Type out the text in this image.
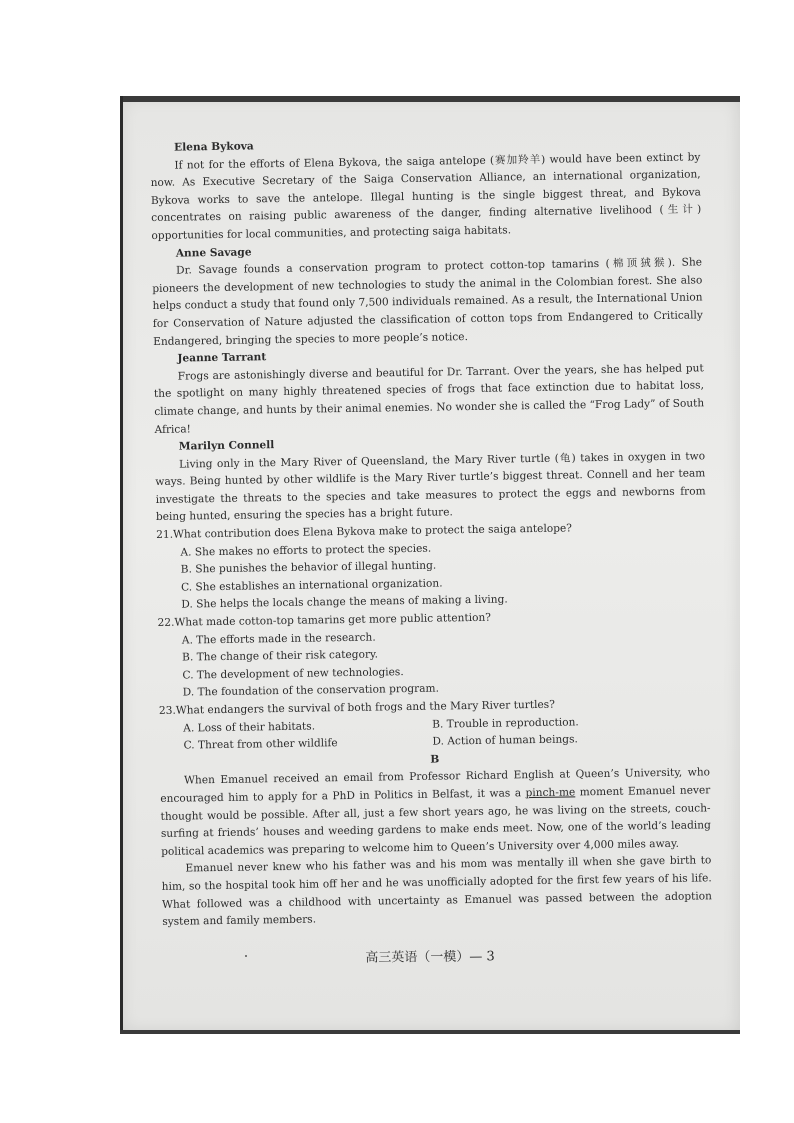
Elena Bykova

If not for the efforts of Elena Bykova, the saiga antelope (赛加羚羊) would have been extinct by now. As Executive Secretary of the Saiga Conservation Alliance, an international organization, Bykova works to save the antelope. Illegal hunting is the single biggest threat, and Bykova concentrates on raising public awareness of the danger, finding alternative livelihood (生计) opportunities for local communities, and protecting saiga habitats.

Anne Savage

Dr. Savage founds a conservation program to protect cotton-top tamarins (棉顶狨猴). She pioneers the development of new technologies to study the animal in the Colombian forest. She also helps conduct a study that found only 7,500 individuals remained. As a result, the International Union for Conservation of Nature adjusted the classification of cotton tops from Endangered to Critically Endangered, bringing the species to more people’s notice.

Jeanne Tarrant

Frogs are astonishingly diverse and beautiful for Dr. Tarrant. Over the years, she has helped put the spotlight on many highly threatened species of frogs that face extinction due to habitat loss, climate change, and hunts by their animal enemies. No wonder she is called the “Frog Lady” of South Africa!

Marilyn Connell

Living only in the Mary River of Queensland, the Mary River turtle (龟) takes in oxygen in two ways. Being hunted by other wildlife is the Mary River turtle’s biggest threat. Connell and her team investigate the threats to the species and take measures to protect the eggs and newborns from being hunted, ensuring the species has a bright future.

21.What contribution does Elena Bykova make to protect the saiga antelope?

A. She makes no efforts to protect the species.

B. She punishes the behavior of illegal hunting.

C. She establishes an international organization.

D. She helps the locals change the means of making a living.

22.What made cotton-top tamarins get more public attention?

A. The efforts made in the research.

B. The change of their risk category.

C. The development of new technologies.

D. The foundation of the conservation program.

23.What endangers the survival of both frogs and the Mary River turtles?

A. Loss of their habitats.	B. Trouble in reproduction.
C. Threat from other wildlife	D. Action of human beings.

B

When Emanuel received an email from Professor Richard English at Queen’s University, who encouraged him to apply for a PhD in Politics in Belfast, it was a pinch-me moment Emanuel never thought would be possible. After all, just a few short years ago, he was living on the streets, couch-surfing at friends’ houses and weeding gardens to make ends meet. Now, one of the world’s leading political academics was preparing to welcome him to Queen’s University over 4,000 miles away.

Emanuel never knew who his father was and his mom was mentally ill when she gave birth to him, so the hospital took him off her and he was unofficially adopted for the first few years of his life. What followed was a childhood with uncertainty as Emanuel was passed between the adoption system and family members.

高三英语（一模）— 3
